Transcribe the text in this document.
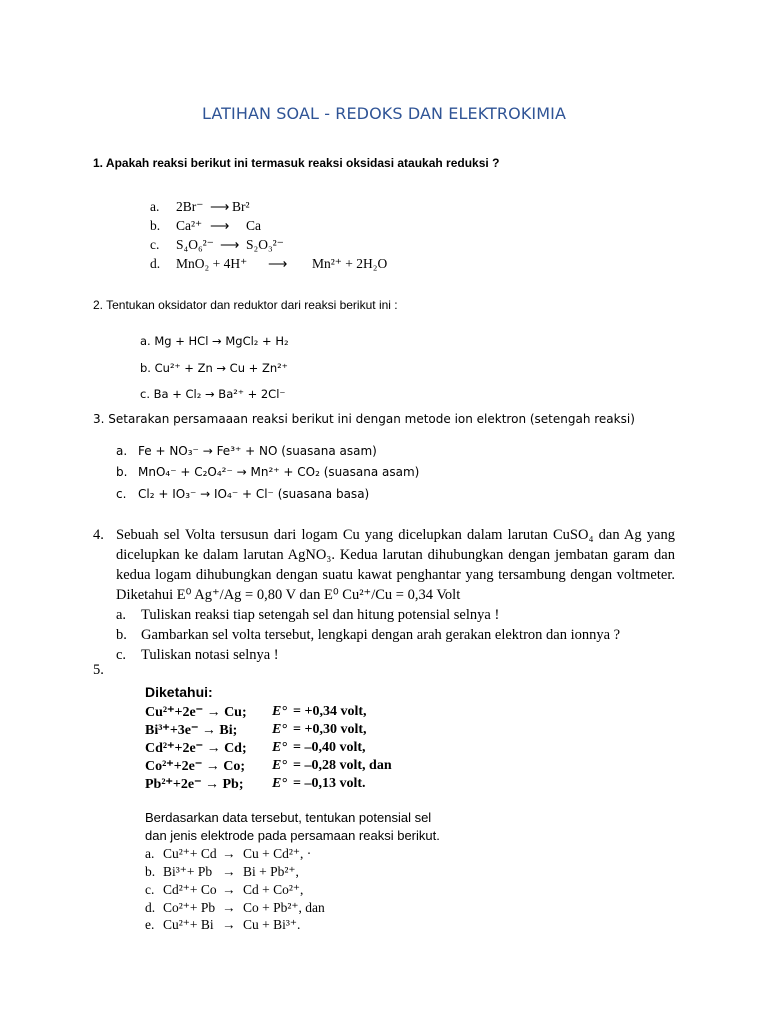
LATIHAN SOAL - REDOKS DAN ELEKTROKIMIA
1. Apakah reaksi berikut ini termasuk reaksi oksidasi ataukah reduksi ?
a. 2Br⁻ ⟶ Br²
b. Ca²⁺ ⟶ Ca
c. S₄O₆²⁻ ⟶ S₂O₃²⁻
d. MnO₂ + 4H⁺ ⟶ Mn²⁺ + 2H₂O
2. Tentukan oksidator dan reduktor dari reaksi berikut ini :
a. Mg + HCl → MgCl₂ + H₂
b. Cu²⁺ + Zn → Cu + Zn²⁺
c. Ba + Cl₂ → Ba²⁺ + 2Cl⁻
3. Setarakan persamaaan reaksi berikut ini dengan metode ion elektron (setengah reaksi)
a. Fe + NO₃⁻ → Fe³⁺ + NO (suasana asam)
b. MnO₄⁻ + C₂O₄²⁻ → Mn²⁺ + CO₂ (suasana asam)
c. Cl₂ + IO₃⁻ → IO₄⁻ + Cl⁻ (suasana basa)
4. Sebuah sel Volta tersusun dari logam Cu yang dicelupkan dalam larutan CuSO₄ dan Ag yang dicelupkan ke dalam larutan AgNO₃. Kedua larutan dihubungkan dengan jembatan garam dan kedua logam dihubungkan dengan suatu kawat penghantar yang tersambung dengan voltmeter. Diketahui E⁰ Ag⁺/Ag = 0,80 V dan E⁰ Cu²⁺/Cu = 0,34 Volt
a. Tuliskan reaksi tiap setengah sel dan hitung potensial selnya !
b. Gambarkan sel volta tersebut, lengkapi dengan arah gerakan elektron dan ionnya ?
c. Tuliskan notasi selnya !
5.
Diketahui:
Cu²⁺+2e⁻ → Cu; E° = +0,34 volt,
Bi³⁺+3e⁻ → Bi; E° = +0,30 volt,
Cd²⁺+2e⁻ → Cd; E° = –0,40 volt,
Co²⁺+2e⁻ → Co; E° = –0,28 volt, dan
Pb²⁺+2e⁻ → Pb; E° = –0,13 volt.
Berdasarkan data tersebut, tentukan potensial sel
dan jenis elektrode pada persamaan reaksi berikut.
a. Cu²⁺+ Cd → Cu + Cd²⁺, ·
b. Bi³⁺+ Pb → Bi + Pb²⁺,
c. Cd²⁺+ Co → Cd + Co²⁺,
d. Co²⁺+ Pb → Co + Pb²⁺, dan
e. Cu²⁺+ Bi → Cu + Bi³⁺.
